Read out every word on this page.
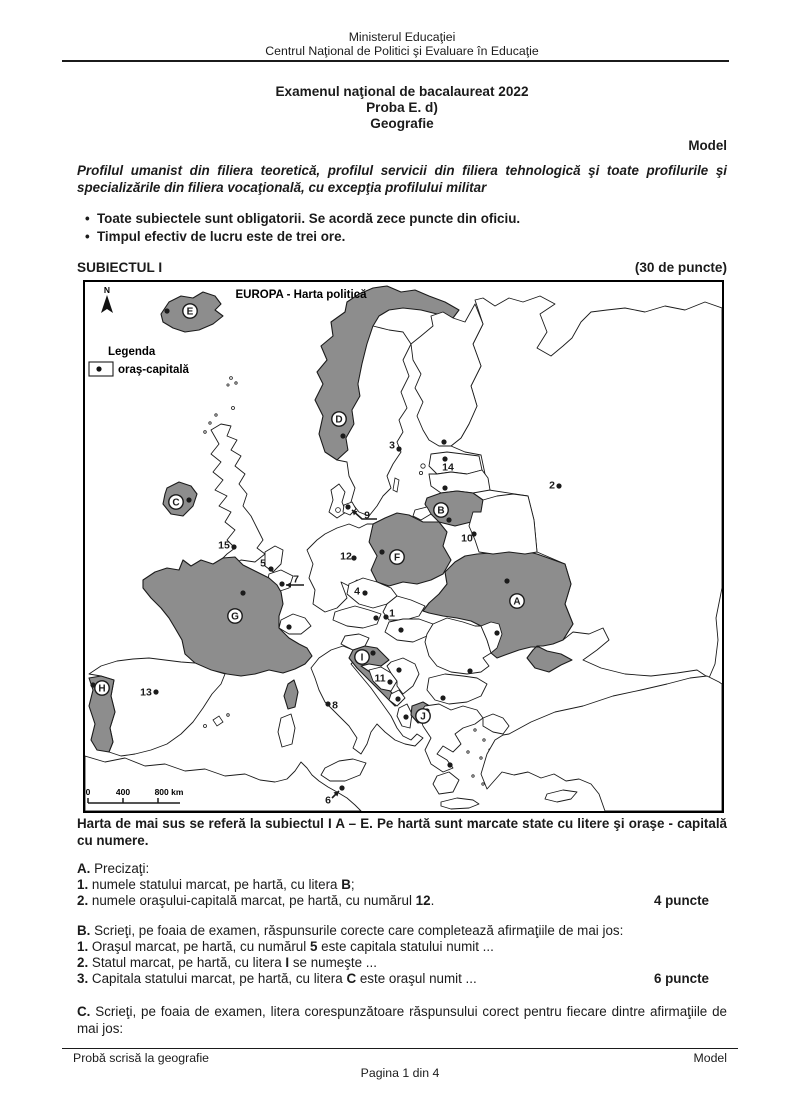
Ministerul Educaţiei
Centrul Naţional de Politici şi Evaluare în Educaţie
Examenul naţional de bacalaureat 2022
Proba E. d)
Geografie
Model
Profilul umanist din filiera teoretică, profilul servicii din filiera tehnologică şi toate profilurile şi specializările din filiera vocaţională, cu excepţia profilului militar
• Toate subiectele sunt obligatorii. Se acordă zece puncte din oficiu.
• Timpul efectiv de lucru este de trei ore.
SUBIECTUL I	(30 de puncte)
N	EUROPA - Harta politică
Legenda
oraş-capitală
0	400	800 km
1
2
3
4
5
6
7
8
9
10
11
12
13
14
15
A
B
C
D
E
F
G
H
I
J
Harta de mai sus se referă la subiectul I A – E. Pe hartă sunt marcate state cu litere şi oraşe - capitală cu numere.
A. Precizaţi:
1. numele statului marcat, pe hartă, cu litera B;
2. numele oraşului-capitală marcat, pe hartă, cu numărul 12.	4 puncte
B. Scrieţi, pe foaia de examen, răspunsurile corecte care completează afirmaţiile de mai jos:
1. Oraşul marcat, pe hartă, cu numărul 5 este capitala statului numit ...
2. Statul marcat, pe hartă, cu litera I se numeşte ...
3. Capitala statului marcat, pe hartă, cu litera C este oraşul numit ...	6 puncte
C. Scrieţi, pe foaia de examen, litera corespunzătoare răspunsului corect pentru fiecare dintre afirmaţiile de mai jos:
Probă scrisă la geografie	Model
Pagina 1 din 4
